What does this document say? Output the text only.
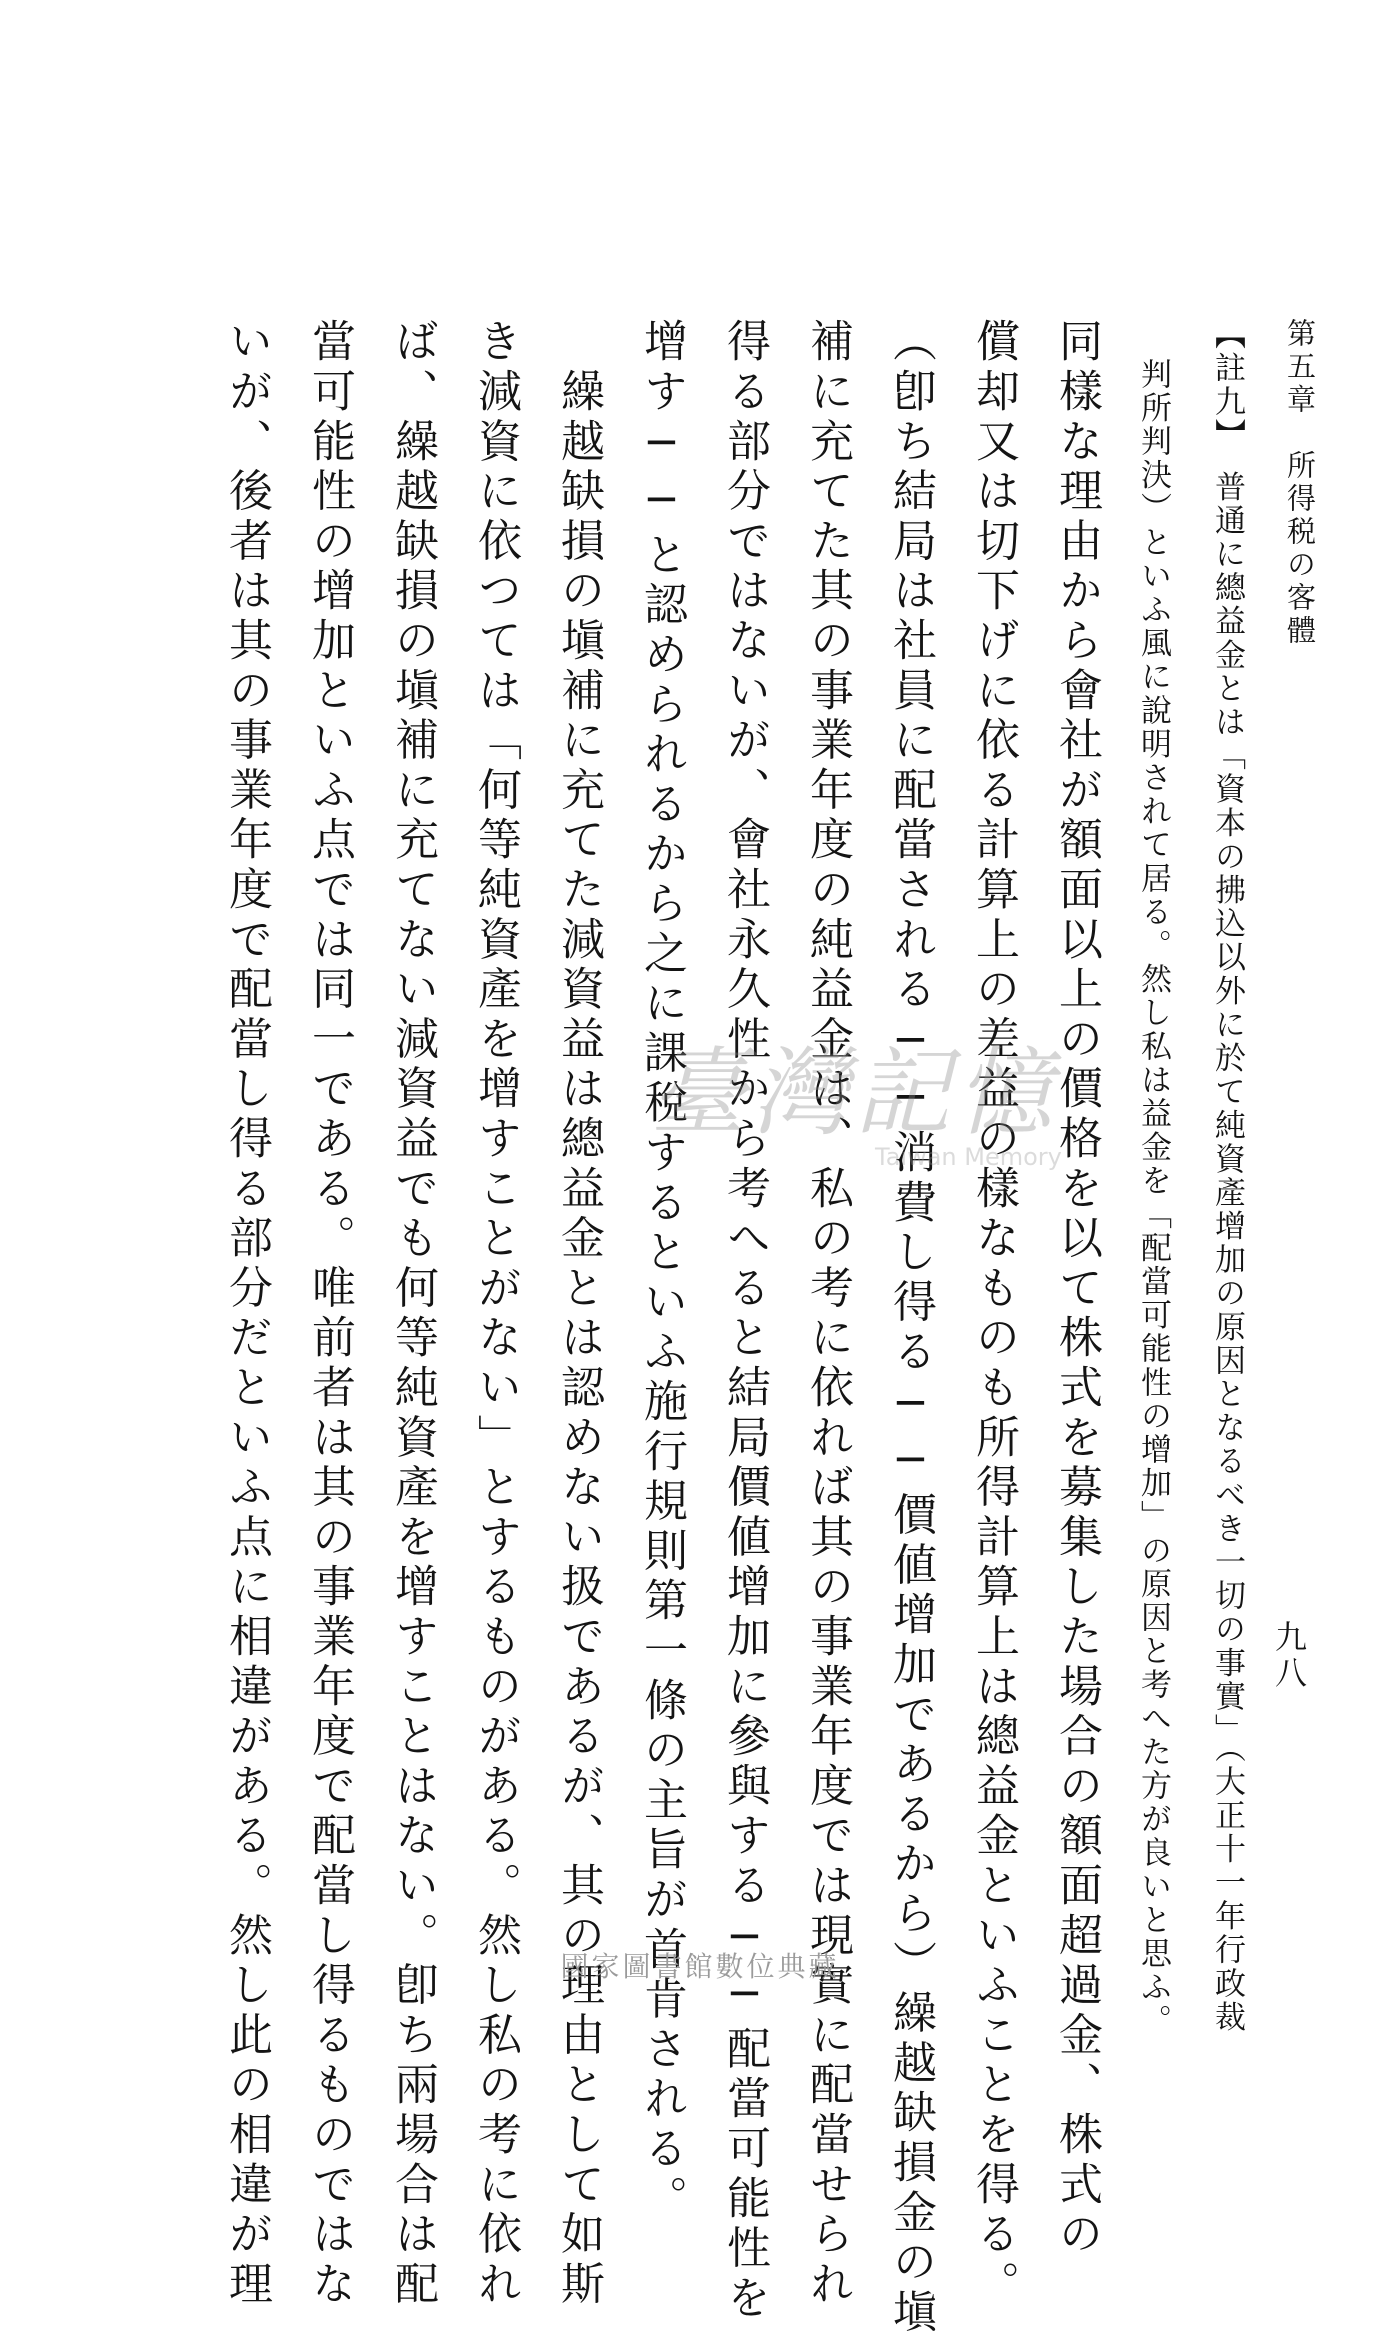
第五章　所得税の客體
九八
【註九】　普通に總益金とは「資本の拂込以外に於て純資產增加の原因となるべき一切の事實」（大正十一年行政裁
判所判決）といふ風に說明されて居る。然し私は益金を「配當可能性の增加」の原因と考へた方が良いと思ふ。
同樣な理由から會社が額面以上の價格を以て株式を募集した場合の額面超過金、株式の
償却又は切下げに依る計算上の差益の樣なものも所得計算上は總益金といふことを得る。
（卽ち結局は社員に配當される──消費し得る──價値增加であるから）繰越缺損金の塡
補に充てた其の事業年度の純益金は、私の考に依れば其の事業年度では現實に配當せられ
得る部分ではないが、會社永久性から考へると結局價値增加に參與する──配當可能性を
增す──と認められるから之に課稅するといふ施行規則第一條の主旨が首肯される。
　繰越缺損の塡補に充てた減資益は總益金とは認めない扱であるが、其の理由として如斯
き減資に依つては「何等純資產を增すことがない」とするものがある。然し私の考に依れ
ば、繰越缺損の塡補に充てない減資益でも何等純資產を增すことはない。卽ち兩場合は配
當可能性の增加といふ点では同一である。唯前者は其の事業年度で配當し得るものではな
いが、後者は其の事業年度で配當し得る部分だといふ点に相違がある。然し此の相違が理	臺灣記憶
Taiwan Memory
國家圖書館數位典藏
